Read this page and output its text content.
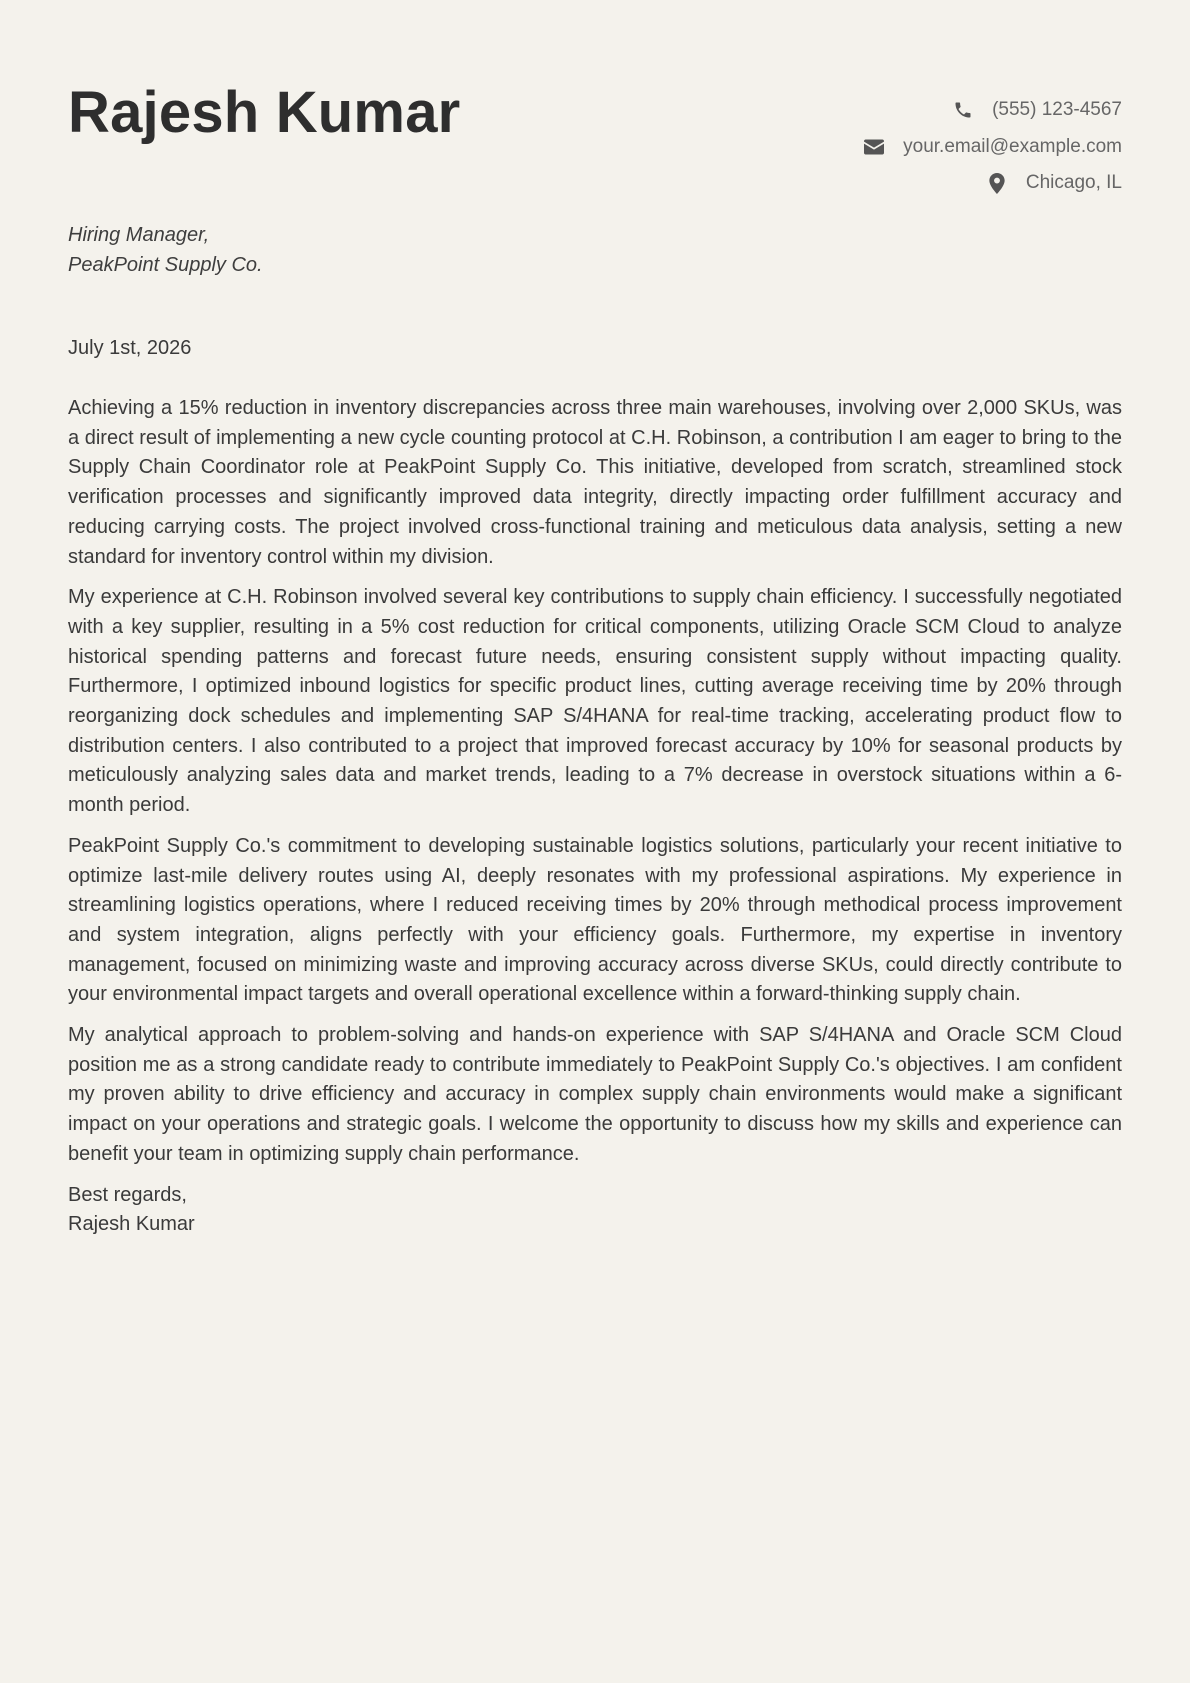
Rajesh Kumar	(555) 123-4567
your.email@example.com
Chicago, IL
Hiring Manager,
PeakPoint Supply Co.
July 1st, 2026

Achieving a 15% reduction in inventory discrepancies across three main warehouses, involving over 2,000 SKUs, was a direct result of implementing a new cycle counting protocol at C.H. Robinson, a contribution I am eager to bring to the Supply Chain Coordinator role at PeakPoint Supply Co. This initiative, developed from scratch, streamlined stock verification processes and significantly improved data integrity, directly impacting order fulfillment accuracy and reducing carrying costs. The project involved cross-functional training and meticulous data analysis, setting a new standard for inventory control within my division.

My experience at C.H. Robinson involved several key contributions to supply chain efficiency. I successfully negotiated with a key supplier, resulting in a 5% cost reduction for critical components, utilizing Oracle SCM Cloud to analyze historical spending patterns and forecast future needs, ensuring consistent supply without impacting quality. Furthermore, I optimized inbound logistics for specific product lines, cutting average receiving time by 20% through reorganizing dock schedules and implementing SAP S/4HANA for real-time tracking, accelerating product flow to distribution centers. I also contributed to a project that improved forecast accuracy by 10% for seasonal products by meticulously analyzing sales data and market trends, leading to a 7% decrease in overstock situations within a 6-month period.

PeakPoint Supply Co.'s commitment to developing sustainable logistics solutions, particularly your recent initiative to optimize last-mile delivery routes using AI, deeply resonates with my professional aspirations. My experience in streamlining logistics operations, where I reduced receiving times by 20% through methodical process improvement and system integration, aligns perfectly with your efficiency goals. Furthermore, my expertise in inventory management, focused on minimizing waste and improving accuracy across diverse SKUs, could directly contribute to your environmental impact targets and overall operational excellence within a forward-thinking supply chain.

My analytical approach to problem-solving and hands-on experience with SAP S/4HANA and Oracle SCM Cloud position me as a strong candidate ready to contribute immediately to PeakPoint Supply Co.'s objectives. I am confident my proven ability to drive efficiency and accuracy in complex supply chain environments would make a significant impact on your operations and strategic goals. I welcome the opportunity to discuss how my skills and experience can benefit your team in optimizing supply chain performance.

Best regards,
Rajesh Kumar
